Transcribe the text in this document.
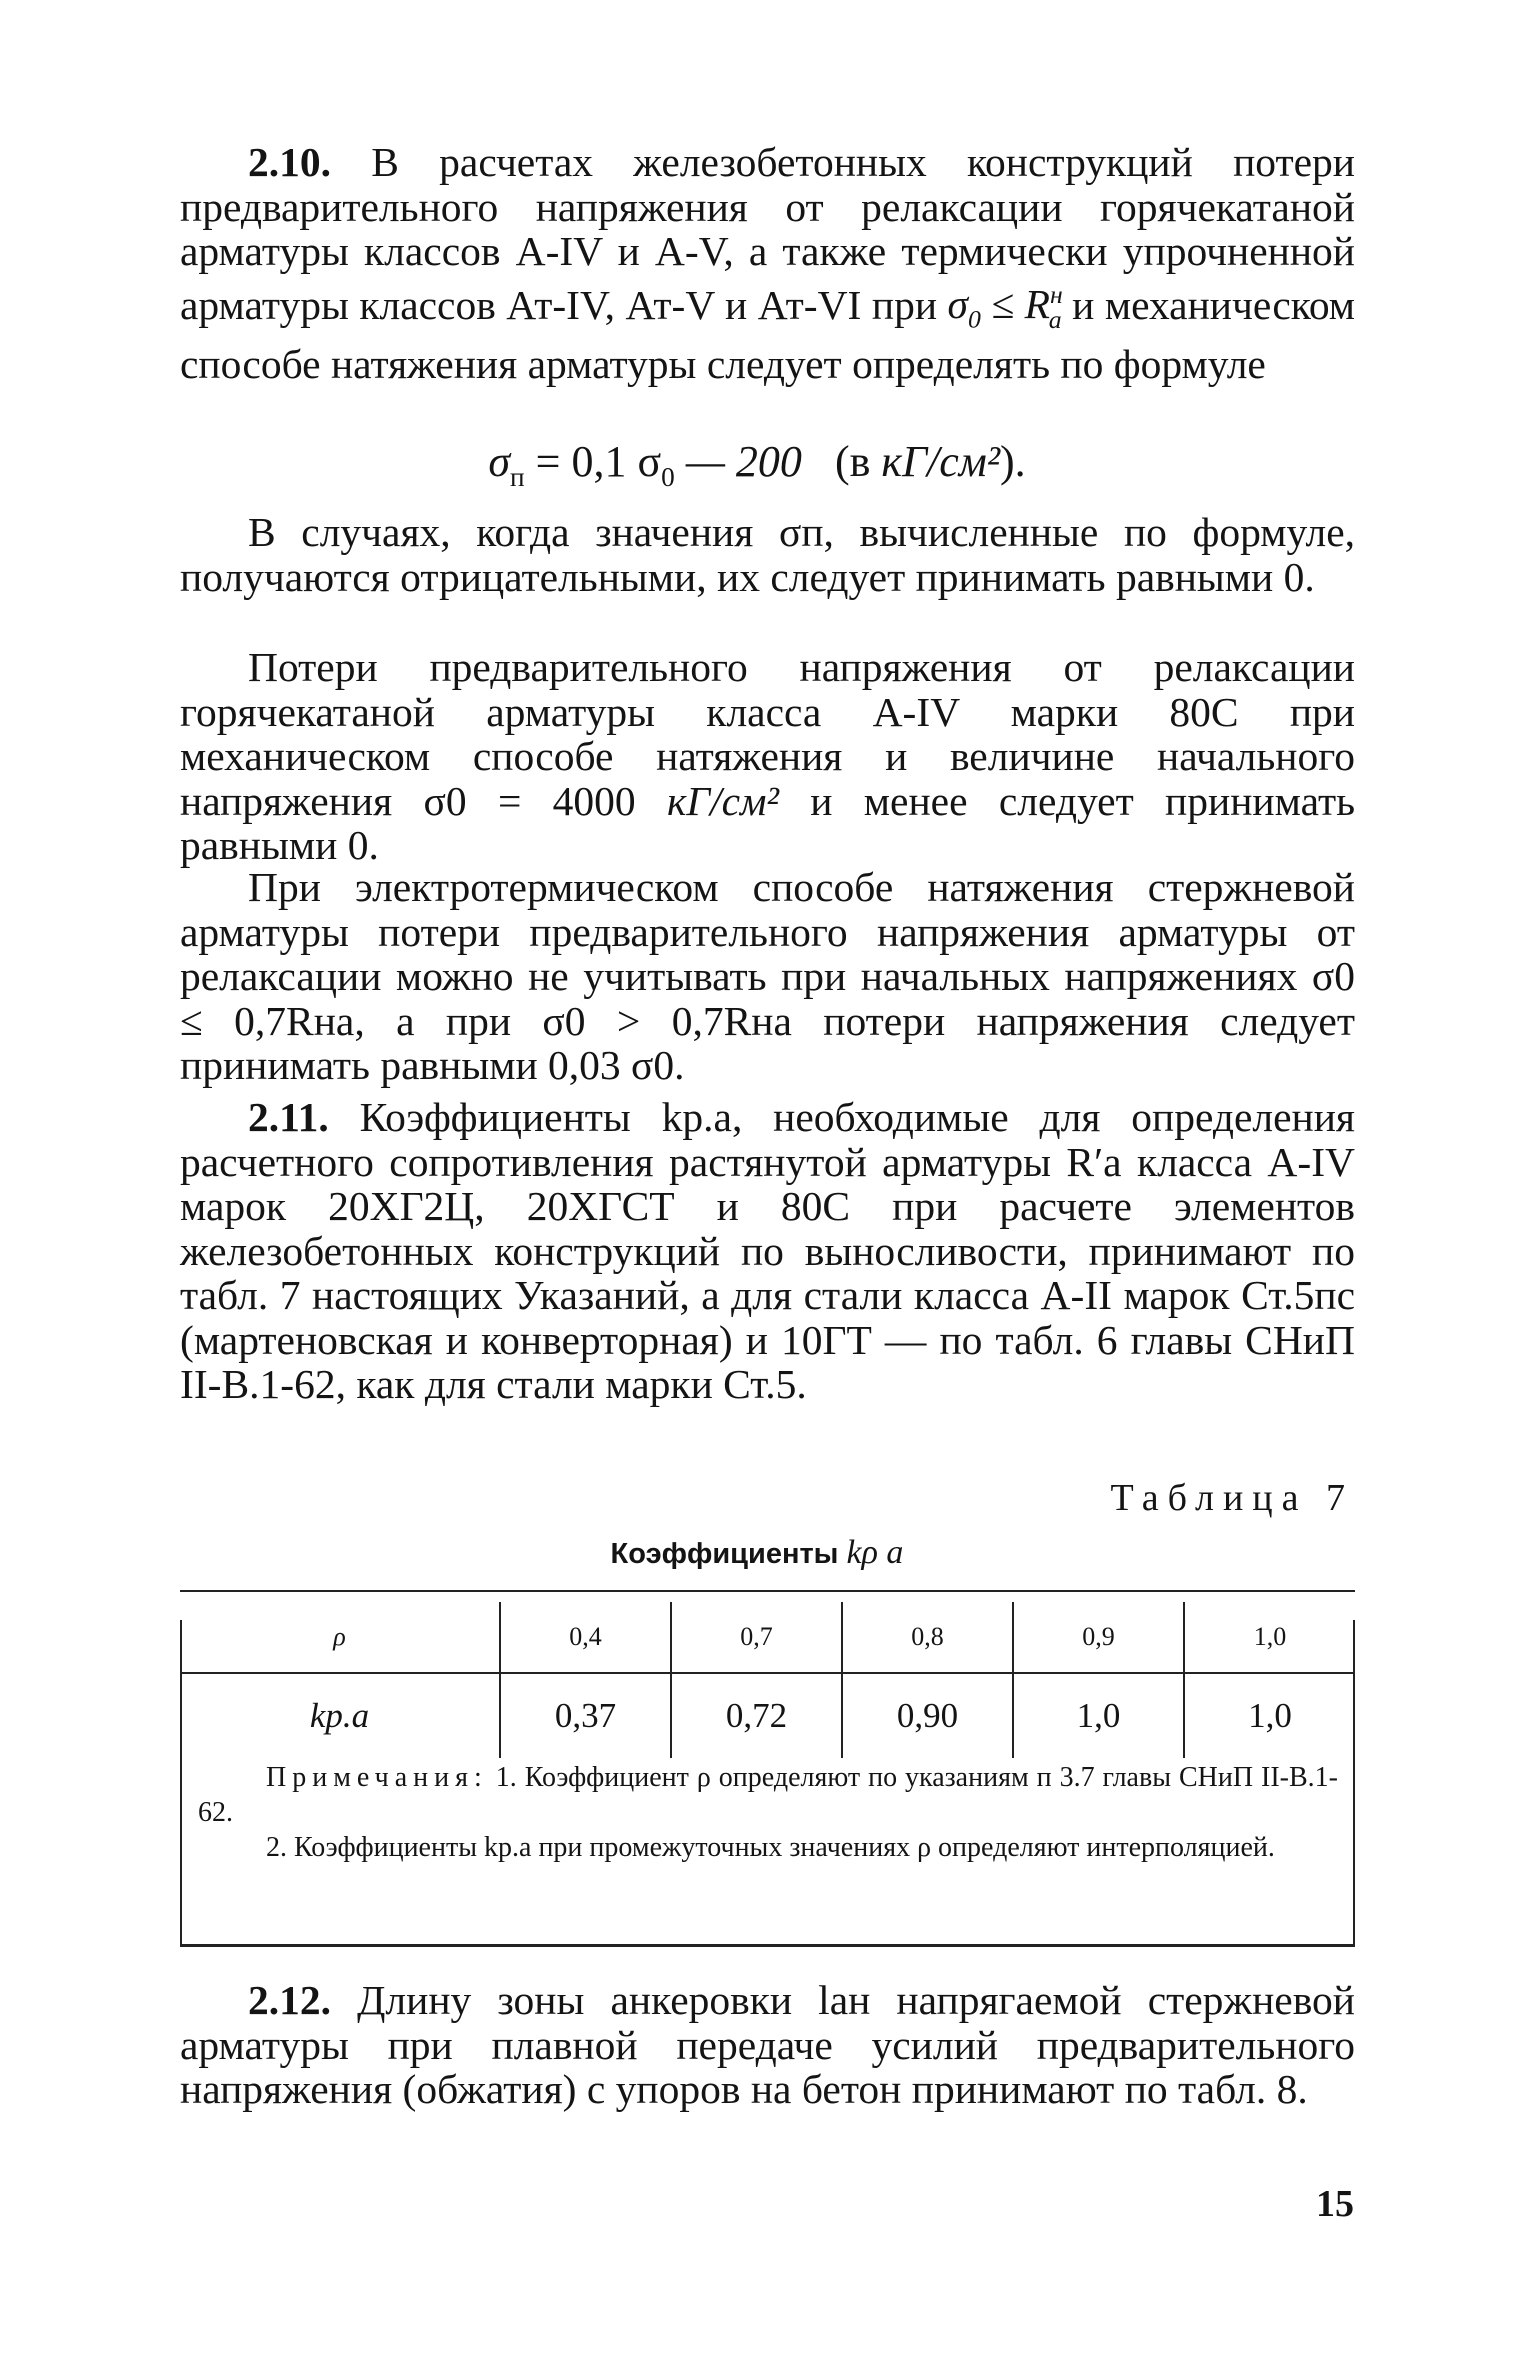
2.10. В расчетах железобетонных конструкций потери предварительного напряжения от релаксации горячекатаной арматуры классов А-IV и А-V, а также термически упрочненной арматуры классов Ат-IV, Ат-V и Ат-VI при $\sigma_0 \le R^н_а$ и механическом способе натяжения арматуры следует определять по формуле

$\sigma_п = 0,1$ $\sigma_0$ — 200 (в кГ/см²).

В случаях, когда значения σп, вычисленные по формуле, получаются отрицательными, их следует принимать равными 0.

Потери предварительного напряжения от релаксации горячекатаной арматуры класса А-IV марки 80С при механическом способе натяжения и величине начального напряжения σ0 = 4000 кГ/см² и менее следует принимать равными 0.

При электротермическом способе натяжения стержневой арматуры потери предварительного напряжения арматуры от релаксации можно не учитывать при начальных напряжениях σ0 ≤ 0,7Rна, а при σ0 > 0,7Rна потери напряжения следует принимать равными 0,03 σ0.

2.11. Коэффициенты kр.а, необходимые для определения расчетного сопротивления растянутой арматуры R′а класса А-IV марок 20ХГ2Ц, 20ХГСТ и 80С при расчете элементов железобетонных конструкций по выносливости, принимают по табл. 7 настоящих Указаний, а для стали класса А-II марок Ст.5пс (мартеновская и конверторная) и 10ГТ — по табл. 6 главы СНиП II-В.1-62, как для стали марки Ст.5.

Таблица 7
Коэффициенты kρ a
ρ	0,4	0,7	0,8	0,9	1,0
kр.а	0,37	0,72	0,90	1,0	1,0

Примечания: 1. Коэффициент ρ определяют по указаниям п 3.7 главы СНиП II-В.1-62.

2. Коэффициенты kр.а при промежуточных значениях ρ определяют интерполяцией.

2.12. Длину зоны анкеровки lан напрягаемой стержневой арматуры при плавной передаче усилий предварительного напряжения (обжатия) с упоров на бетон принимают по табл. 8.

15
